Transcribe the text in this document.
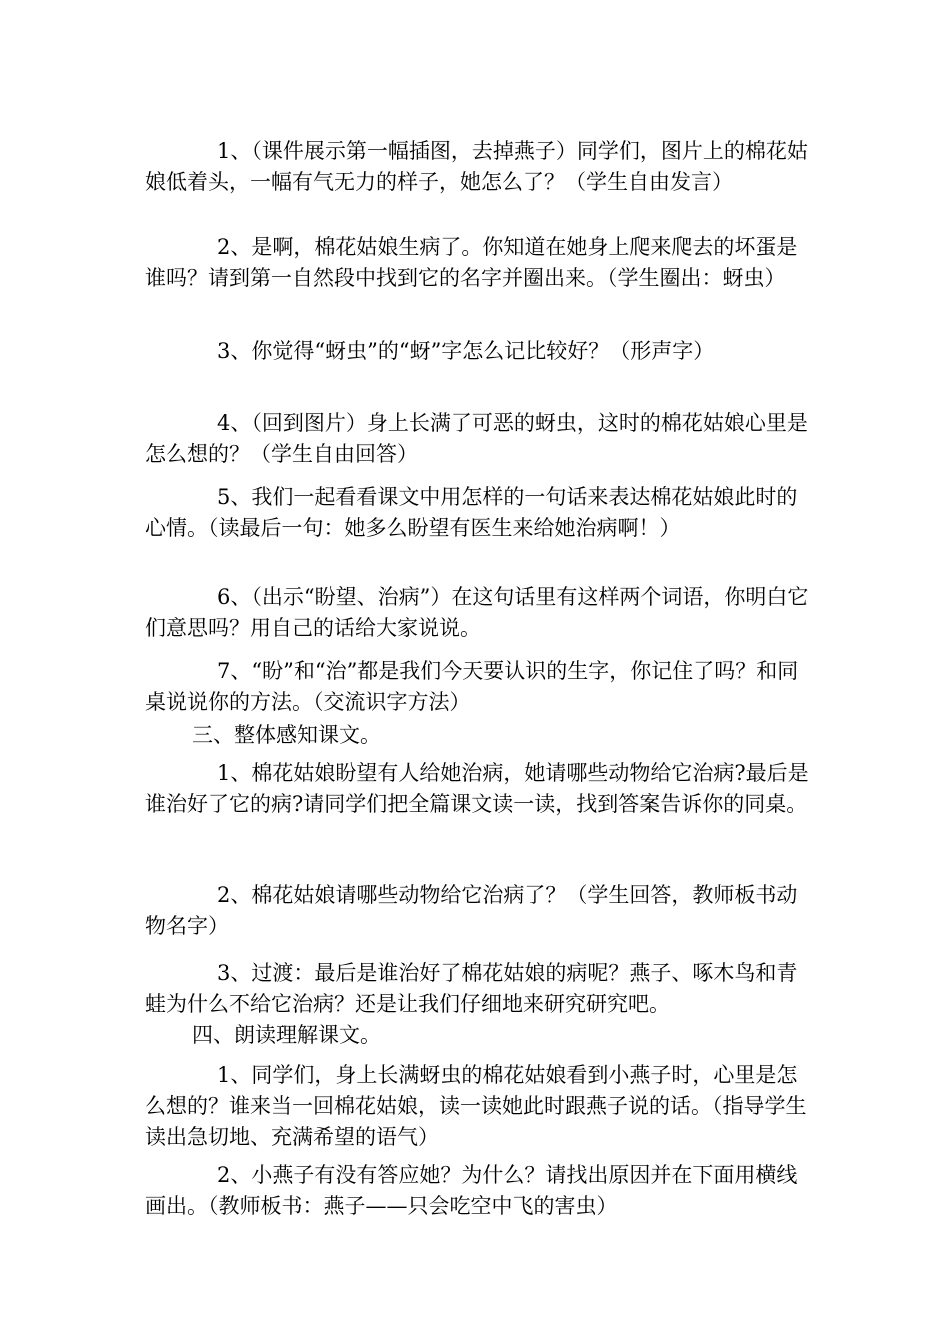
1、（课件展示第一幅插图，去掉燕子）同学们，图片上的棉花姑娘低着头，一幅有气无力的样子，她怎么了？（学生自由发言）

2、是啊，棉花姑娘生病了。你知道在她身上爬来爬去的坏蛋是谁吗？请到第一自然段中找到它的名字并圈出来。（学生圈出：蚜虫）

3、你觉得“蚜虫”的“蚜”字怎么记比较好？（形声字）

4、（回到图片）身上长满了可恶的蚜虫，这时的棉花姑娘心里是怎么想的？（学生自由回答）

5、我们一起看看课文中用怎样的一句话来表达棉花姑娘此时的心情。（读最后一句：她多么盼望有医生来给她治病啊！）

6、（出示“盼望、治病”）在这句话里有这样两个词语，你明白它们意思吗？用自己的话给大家说说。

7、“盼”和“治”都是我们今天要认识的生字，你记住了吗？和同桌说说你的方法。（交流识字方法）

三、整体感知课文。

1、棉花姑娘盼望有人给她治病，她请哪些动物给它治病?最后是谁治好了它的病?请同学们把全篇课文读一读，找到答案告诉你的同桌。

2、棉花姑娘请哪些动物给它治病了？（学生回答，教师板书动物名字）

3、过渡：最后是谁治好了棉花姑娘的病呢？燕子、啄木鸟和青蛙为什么不给它治病？还是让我们仔细地来研究研究吧。

四、朗读理解课文。

1、同学们，身上长满蚜虫的棉花姑娘看到小燕子时，心里是怎么想的？谁来当一回棉花姑娘，读一读她此时跟燕子说的话。（指导学生读出急切地、充满希望的语气）

2、小燕子有没有答应她？为什么？请找出原因并在下面用横线画出。（教师板书：燕子——只会吃空中飞的害虫）
